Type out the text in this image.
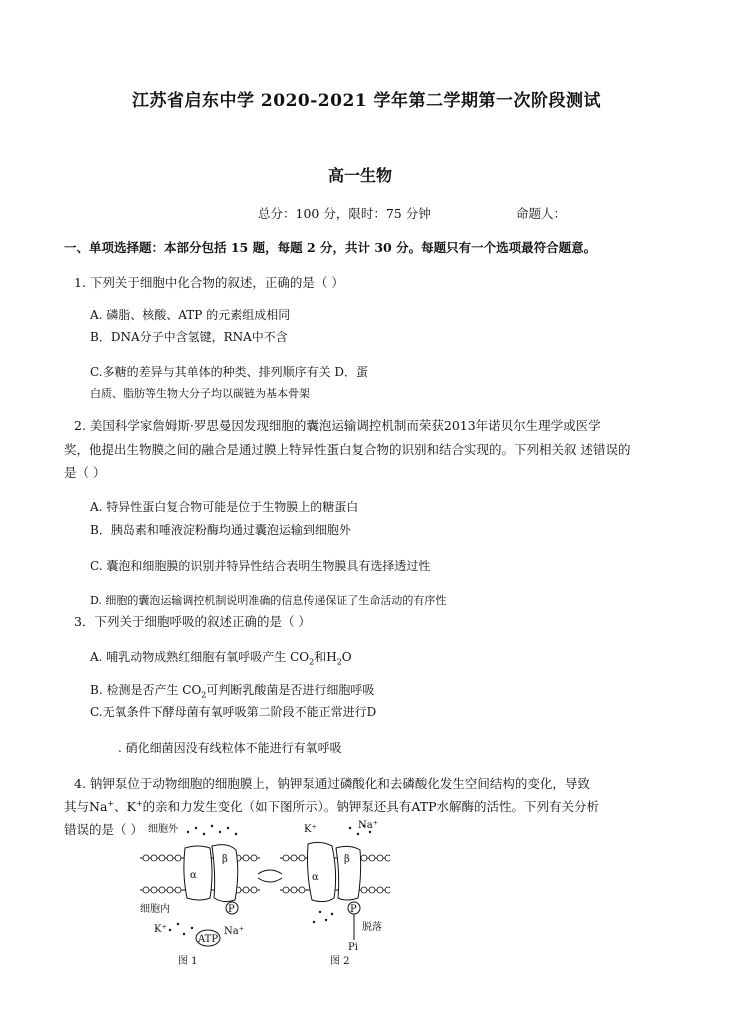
江苏省启东中学 2020-2021 学年第二学期第一次阶段测试
高一生物
总分：100 分，限时：75 分钟	命题人：
一、单项选择题：本部分包括 15 题，每题 2 分，共计 30 分。每题只有一个选项最符合题意。
1. 下列关于细胞中化合物的叙述，正确的是（ ）
A. 磷脂、核酸、ATP 的元素组成相同
B．DNA分子中含氢键，RNA中不含
C.多糖的差异与其单体的种类、排列顺序有关 D．蛋
白质、脂肪等生物大分子均以碳链为基本骨架
2. 美国科学家詹姆斯·罗思曼因发现细胞的囊泡运输调控机制而荣获2013年诺贝尔生理学或医学
奖，他提出生物膜之间的融合是通过膜上特异性蛋白复合物的识别和结合实现的。下列相关叙 述错误的
是（ ）
A. 特异性蛋白复合物可能是位于生物膜上的糖蛋白
B．胰岛素和唾液淀粉酶均通过囊泡运输到细胞外
C. 囊泡和细胞膜的识别并特异性结合表明生物膜具有选择透过性
D. 细胞的囊泡运输调控机制说明准确的信息传递保证了生命活动的有序性
3．下列关于细胞呼吸的叙述正确的是（ ）
A. 哺乳动物成熟红细胞有氧呼吸产生 $CO_2$和$H_2O$
B. 检测是否产生 $CO_2$可判断乳酸菌是否进行细胞呼吸
C.无氧条件下酵母菌有氧呼吸第二阶段不能正常进行D
. 硝化细菌因没有线粒体不能进行有氧呼吸
4. 钠钾泵位于动物细胞的细胞膜上，钠钾泵通过磷酸化和去磷酸化发生空间结构的变化，导致
其与Na+、K+的亲和力发生变化（如下图所示）。钠钾泵还具有ATP水解酶的活性。下列有关分析
错误的是（ ） 细胞外
细胞内
α
β
P
ATP
K⁺	Na⁺
α
β
P
K⁺	Na⁺
脱落
Pi
图 1	图 2
